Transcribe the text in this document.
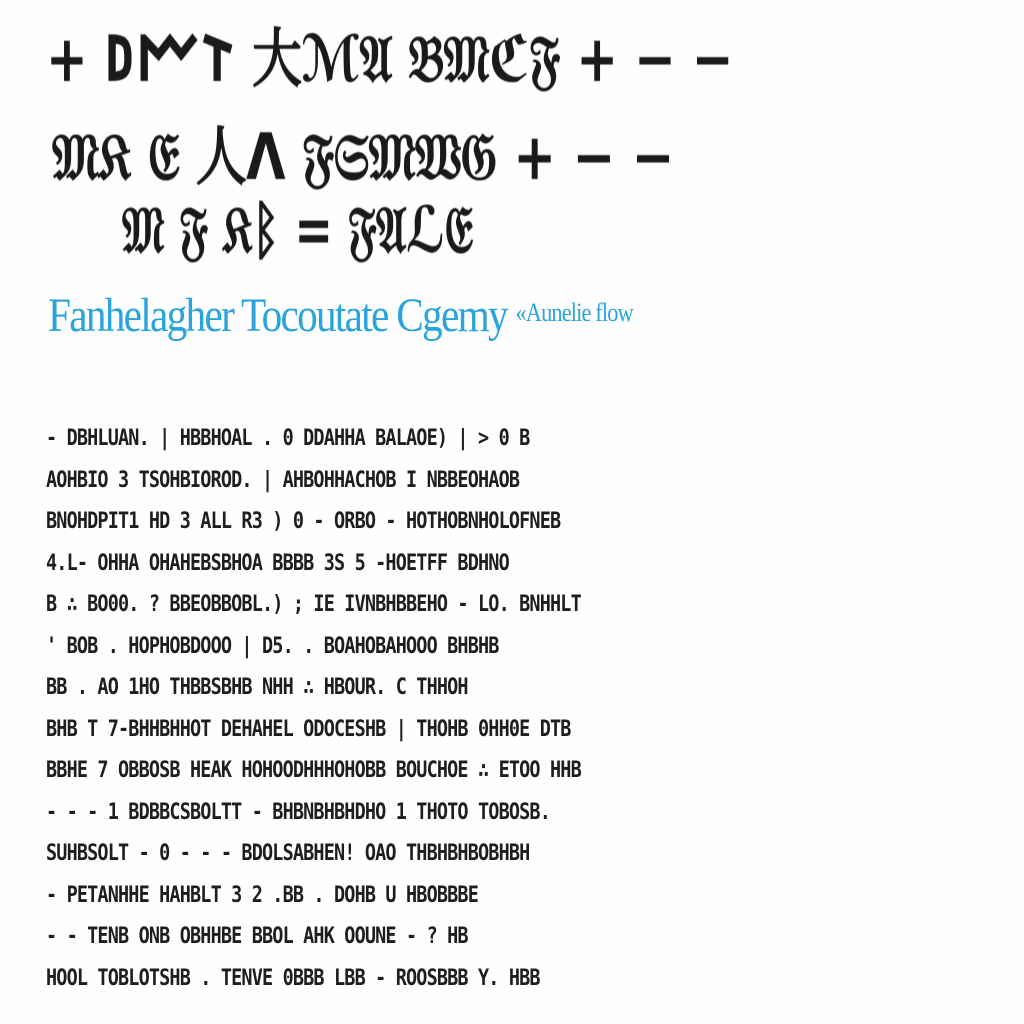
+ 𐌃𐌌𐌕 大ℳ𝔄 𝔅𝔐ℭ𝔉 + − −
𝔐𝔎 𝔈 人Λ 𝔉𝔖𝔐𝔚𝔊 + − −
𝔐 𝔉 𝔎ᛒ = 𝔉𝔄ℒ𝔈
Fanhelagher Tocoutate Cgemy $^{«Aunelie flow}$
- DBHLUAN. | HBBHOAL . 0 DDAHHA BALAOE) | > 0 B
AOHBIO 3 TSOHBIOROD. | AHBOHHACHOB I NBBEOHAOB
BNOHDPIT1 HD 3 ALL R3 ) 0 - ORBO - HOTHOBNHOLOFNEB
4.L- OHHA OHAHEBSBHOA BBBB 3S 5 -HOETFF BDHNO
B ∴ BO00. ? BBEOBBOBL.) ; IE IVNBHBBEHO - LO. BNHHLT
' BOB . HOPHOBDOOO | D5. . BOAHOBAHOOO BHBHB
BB . AO 1HO THBBSBHB NHH ∴ HBOUR. C THHOH
BHB T 7-BHHBHHOT DEHAHEL ODOCESHB | THOHB 0HH0E DTB
BBHE 7 OBBOSB HEAK HOHOODHHHOHOBB BOUCHOE ∴ ETOO HHB
- - - 1 BDBBCSBOLTT - BHBNBHBHDHO 1 THOTO TOBOSB.
SUHBSOLT - 0 - - - BDOLSABHEN! OAO THBHBHBOBHBH
- PETANHHE HAHBLT 3 2 .BB . DOHB U HBOBBBE
- - TENB ONB OBHHBE BBOL AHK OOUNE - ? HB
HOOL TOBLOTSHB . TENVE 0BBB LBB - ROOSBBB Y. HBB
